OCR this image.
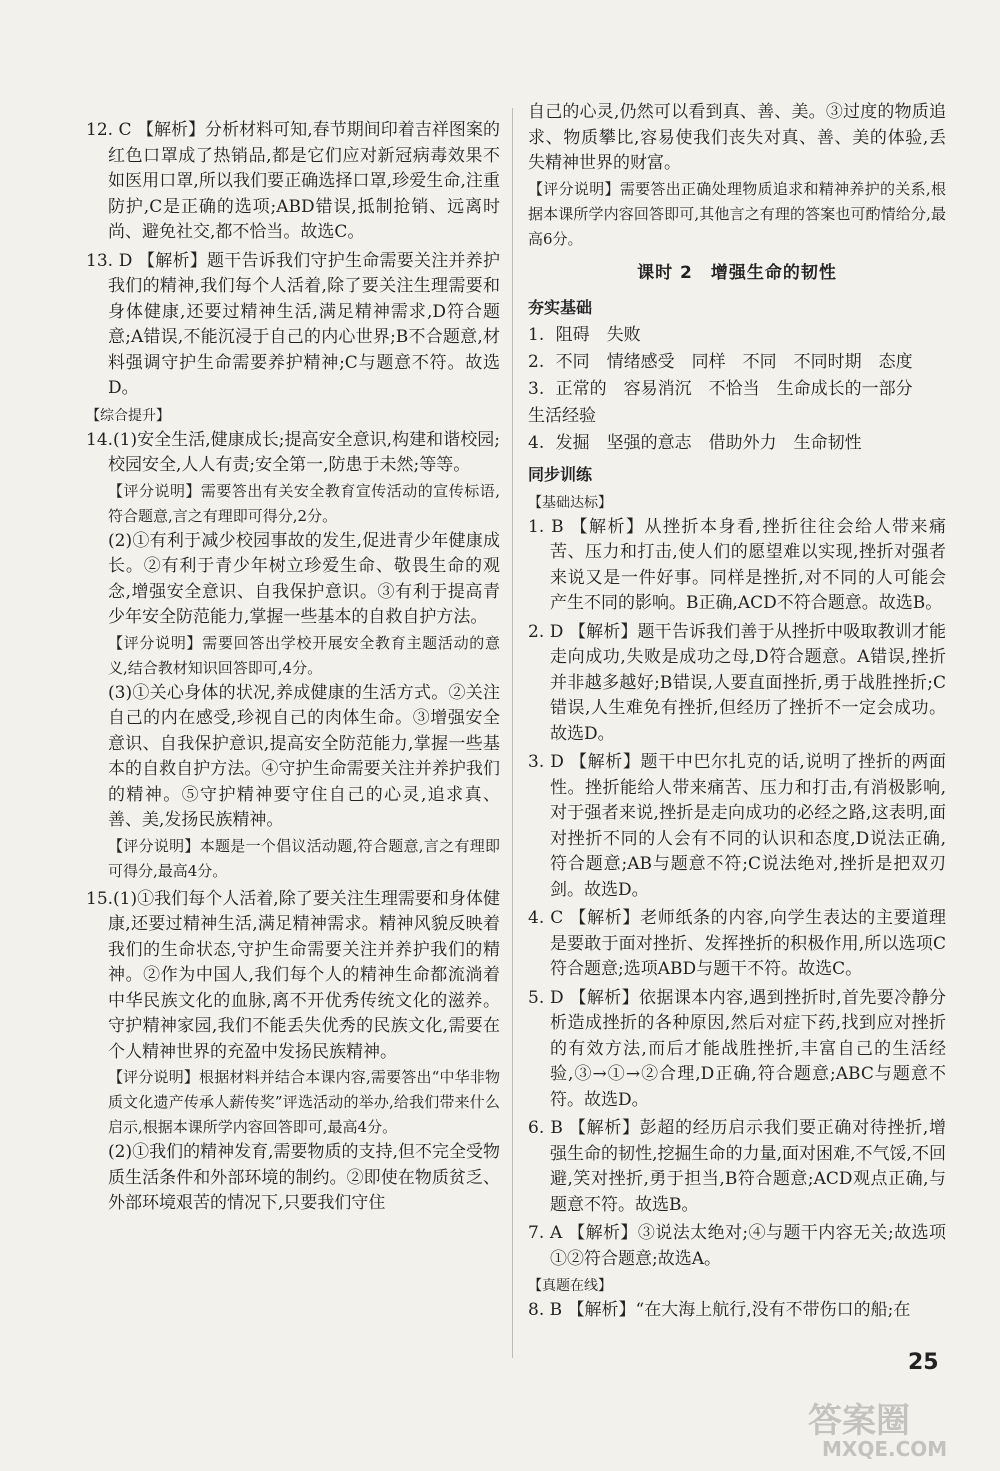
12. C 【解析】分析材料可知,春节期间印着吉祥图案的红色口罩成了热销品,都是它们应对新冠病毒效果不如医用口罩,所以我们要正确选择口罩,珍爱生命,注重防护,C是正确的选项;ABD错误,抵制抢销、远离时尚、避免社交,都不恰当。故选C。

13. D 【解析】题干告诉我们守护生命需要关注并养护我们的精神,我们每个人活着,除了要关注生理需要和身体健康,还要过精神生活,满足精神需求,D符合题意;A错误,不能沉浸于自己的内心世界;B不合题意,材料强调守护生命需要养护精神;C与题意不符。故选D。

【综合提升】

14.(1)安全生活,健康成长;提高安全意识,构建和谐校园;校园安全,人人有责;安全第一,防患于未然;等等。

【评分说明】需要答出有关安全教育宣传活动的宣传标语,符合题意,言之有理即可得分,2分。

(2)①有利于减少校园事故的发生,促进青少年健康成长。②有利于青少年树立珍爱生命、敬畏生命的观念,增强安全意识、自我保护意识。③有利于提高青少年安全防范能力,掌握一些基本的自救自护方法。

【评分说明】需要回答出学校开展安全教育主题活动的意义,结合教材知识回答即可,4分。

(3)①关心身体的状况,养成健康的生活方式。②关注自己的内在感受,珍视自己的肉体生命。③增强安全意识、自我保护意识,提高安全防范能力,掌握一些基本的自救自护方法。④守护生命需要关注并养护我们的精神。⑤守护精神要守住自己的心灵,追求真、善、美,发扬民族精神。

【评分说明】本题是一个倡议活动题,符合题意,言之有理即可得分,最高4分。

15.(1)①我们每个人活着,除了要关注生理需要和身体健康,还要过精神生活,满足精神需求。精神风貌反映着我们的生命状态,守护生命需要关注并养护我们的精神。②作为中国人,我们每个人的精神生命都流淌着中华民族文化的血脉,离不开优秀传统文化的滋养。守护精神家园,我们不能丢失优秀的民族文化,需要在个人精神世界的充盈中发扬民族精神。

【评分说明】根据材料并结合本课内容,需要答出“中华非物质文化遗产传承人薪传奖”评选活动的举办,给我们带来什么启示,根据本课所学内容回答即可,最高4分。

(2)①我们的精神发育,需要物质的支持,但不完全受物质生活条件和外部环境的制约。②即使在物质贫乏、外部环境艰苦的情况下,只要我们守住

自己的心灵,仍然可以看到真、善、美。③过度的物质追求、物质攀比,容易使我们丧失对真、善、美的体验,丢失精神世界的财富。

【评分说明】需要答出正确处理物质追求和精神养护的关系,根据本课所学内容回答即可,其他言之有理的答案也可酌情给分,最高6分。

课时 2　增强生命的韧性

夯实基础

1. 阻碍　失败

2. 不同　情绪感受　同样　不同　不同时期　态度

3. 正常的　容易消沉　不恰当　生命成长的一部分

生活经验

4. 发掘　坚强的意志　借助外力　生命韧性

同步训练

【基础达标】

1. B 【解析】从挫折本身看,挫折往往会给人带来痛苦、压力和打击,使人们的愿望难以实现,挫折对强者来说又是一件好事。同样是挫折,对不同的人可能会产生不同的影响。B正确,ACD不符合题意。故选B。

2. D 【解析】题干告诉我们善于从挫折中吸取教训才能走向成功,失败是成功之母,D符合题意。A错误,挫折并非越多越好;B错误,人要直面挫折,勇于战胜挫折;C错误,人生难免有挫折,但经历了挫折不一定会成功。故选D。

3. D 【解析】题干中巴尔扎克的话,说明了挫折的两面性。挫折能给人带来痛苦、压力和打击,有消极影响,对于强者来说,挫折是走向成功的必经之路,这表明,面对挫折不同的人会有不同的认识和态度,D说法正确,符合题意;AB与题意不符;C说法绝对,挫折是把双刃剑。故选D。

4. C 【解析】老师纸条的内容,向学生表达的主要道理是要敢于面对挫折、发挥挫折的积极作用,所以选项C符合题意;选项ABD与题干不符。故选C。

5. D 【解析】依据课本内容,遇到挫折时,首先要冷静分析造成挫折的各种原因,然后对症下药,找到应对挫折的有效方法,而后才能战胜挫折,丰富自己的生活经验,③→①→②合理,D正确,符合题意;ABC与题意不符。故选D。

6. B 【解析】彭超的经历启示我们要正确对待挫折,增强生命的韧性,挖掘生命的力量,面对困难,不气馁,不回避,笑对挫折,勇于担当,B符合题意;ACD观点正确,与题意不符。故选B。

7. A 【解析】③说法太绝对;④与题干内容无关;故选项①②符合题意;故选A。

【真题在线】

8. B 【解析】“在大海上航行,没有不带伤口的船;在

25
答案圈
MXQE.COM
